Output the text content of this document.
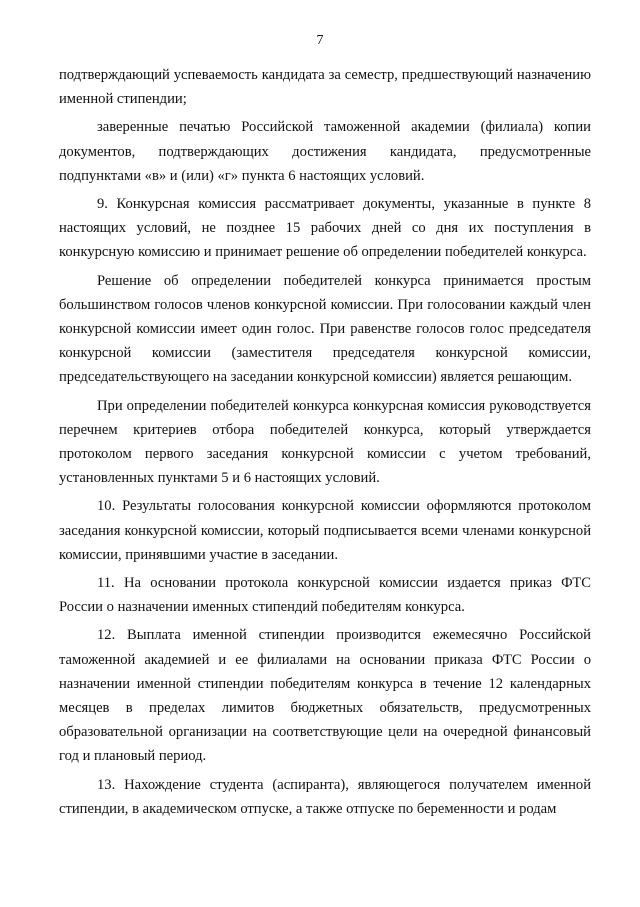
7

подтверждающий успеваемость кандидата за семестр, предшествующий назначению именной стипендии;

заверенные печатью Российской таможенной академии (филиала) копии документов, подтверждающих достижения кандидата, предусмотренные подпунктами «в» и (или) «г» пункта 6 настоящих условий.

9. Конкурсная комиссия рассматривает документы, указанные в пункте 8 настоящих условий, не позднее 15 рабочих дней со дня их поступления в конкурсную комиссию и принимает решение об определении победителей конкурса.

Решение об определении победителей конкурса принимается простым большинством голосов членов конкурсной комиссии. При голосовании каждый член конкурсной комиссии имеет один голос. При равенстве голосов голос председателя конкурсной комиссии (заместителя председателя конкурсной комиссии, председательствующего на заседании конкурсной комиссии) является решающим.

При определении победителей конкурса конкурсная комиссия руководствуется перечнем критериев отбора победителей конкурса, который утверждается протоколом первого заседания конкурсной комиссии с учетом требований, установленных пунктами 5 и 6 настоящих условий.

10. Результаты голосования конкурсной комиссии оформляются протоколом заседания конкурсной комиссии, который подписывается всеми членами конкурсной комиссии, принявшими участие в заседании.

11. На основании протокола конкурсной комиссии издается приказ ФТС России о назначении именных стипендий победителям конкурса.

12. Выплата именной стипендии производится ежемесячно Российской таможенной академией и ее филиалами на основании приказа ФТС России о назначении именной стипендии победителям конкурса в течение 12 календарных месяцев в пределах лимитов бюджетных обязательств, предусмотренных образовательной организации на соответствующие цели на очередной финансовый год и плановый период.

13. Нахождение студента (аспиранта), являющегося получателем именной стипендии, в академическом отпуске, а также отпуске по беременности и родам
